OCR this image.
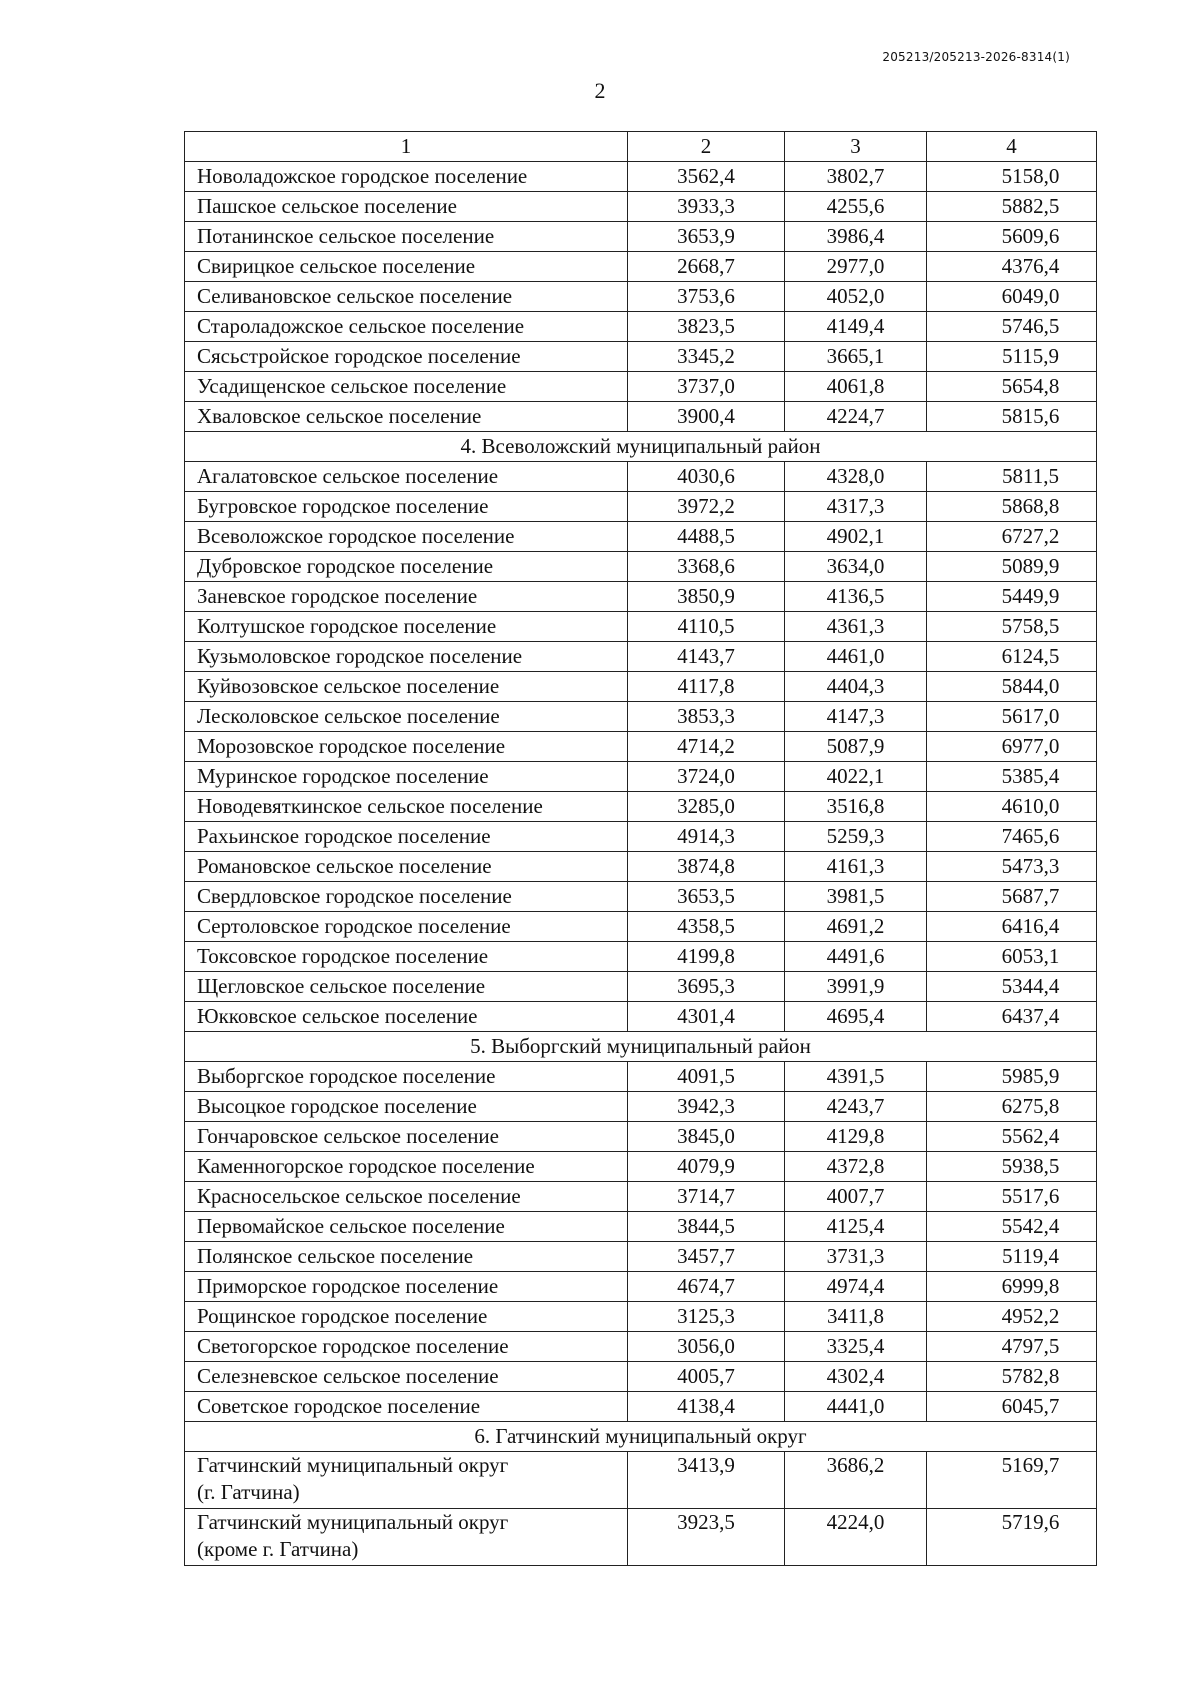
205213/205213-2026-8314(1)
2
1	2	3	4
Новоладожское городское поселение	3562,4	3802,7	5158,0
Пашское сельское поселение	3933,3	4255,6	5882,5
Потанинское сельское поселение	3653,9	3986,4	5609,6
Свирицкое сельское поселение	2668,7	2977,0	4376,4
Селивановское сельское поселение	3753,6	4052,0	6049,0
Староладожское сельское поселение	3823,5	4149,4	5746,5
Сясьстройское городское поселение	3345,2	3665,1	5115,9
Усадищенское сельское поселение	3737,0	4061,8	5654,8
Хваловское сельское поселение	3900,4	4224,7	5815,6
4. Всеволожский муниципальный район			
Агалатовское сельское поселение	4030,6	4328,0	5811,5
Бугровское городское поселение	3972,2	4317,3	5868,8
Всеволожское городское поселение	4488,5	4902,1	6727,2
Дубровское городское поселение	3368,6	3634,0	5089,9
Заневское городское поселение	3850,9	4136,5	5449,9
Колтушское городское поселение	4110,5	4361,3	5758,5
Кузьмоловское городское поселение	4143,7	4461,0	6124,5
Куйвозовское сельское поселение	4117,8	4404,3	5844,0
Лесколовское сельское поселение	3853,3	4147,3	5617,0
Морозовское городское поселение	4714,2	5087,9	6977,0
Муринское городское поселение	3724,0	4022,1	5385,4
Новодевяткинское сельское поселение	3285,0	3516,8	4610,0
Рахьинское городское поселение	4914,3	5259,3	7465,6
Романовское сельское поселение	3874,8	4161,3	5473,3
Свердловское городское поселение	3653,5	3981,5	5687,7
Сертоловское городское поселение	4358,5	4691,2	6416,4
Токсовское городское поселение	4199,8	4491,6	6053,1
Щегловское сельское поселение	3695,3	3991,9	5344,4
Юкковское сельское поселение	4301,4	4695,4	6437,4
5. Выборгский муниципальный район			
Выборгское городское поселение	4091,5	4391,5	5985,9
Высоцкое городское поселение	3942,3	4243,7	6275,8
Гончаровское сельское поселение	3845,0	4129,8	5562,4
Каменногорское городское поселение	4079,9	4372,8	5938,5
Красносельское сельское поселение	3714,7	4007,7	5517,6
Первомайское сельское поселение	3844,5	4125,4	5542,4
Полянское сельское поселение	3457,7	3731,3	5119,4
Приморское городское поселение	4674,7	4974,4	6999,8
Рощинское городское поселение	3125,3	3411,8	4952,2
Светогорское городское поселение	3056,0	3325,4	4797,5
Селезневское сельское поселение	4005,7	4302,4	5782,8
Советское городское поселение	4138,4	4441,0	6045,7
6. Гатчинский муниципальный округ			

Гатчинский муниципальный округ
(г. Гатчина)	3413,9	3686,2	5169,7

Гатчинский муниципальный округ
(кроме г. Гатчина)	3923,5	4224,0	5719,6
